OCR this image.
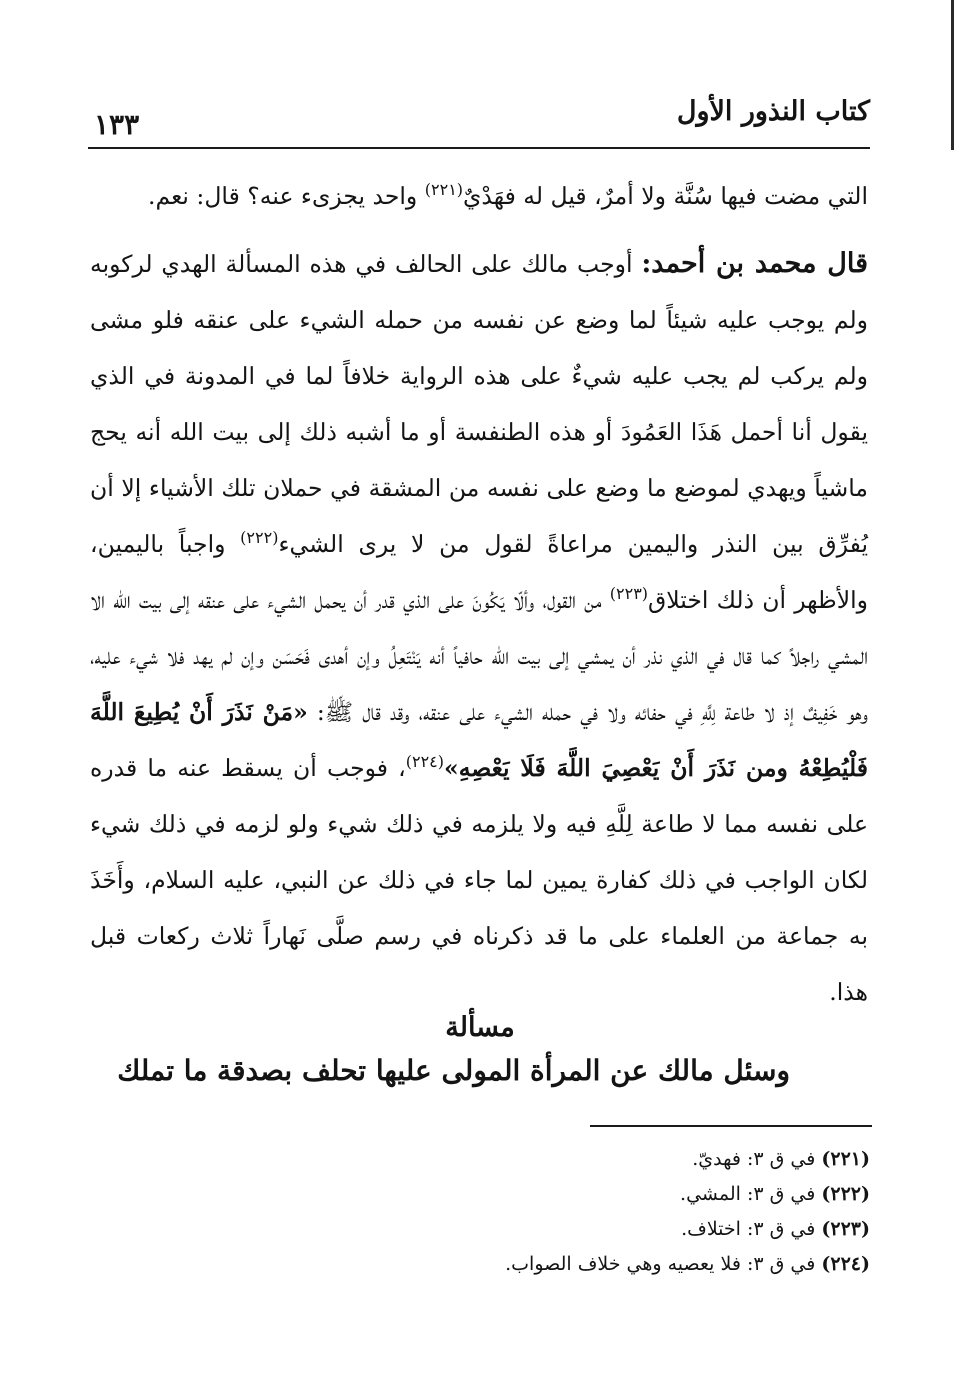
كتاب النذور الأول
١٣٣

التي مضت فيها سُنَّة ولا أمرٌ، قيل له فهَدْيٌ$^{(٢٢١)}$ واحد يجزىء عنه؟ قال: نعم.

قال محمد بن أحمد: أوجب مالك على الحالف في هذه المسألة الهدي لركوبه ولم يوجب عليه شيئاً لما وضع عن نفسه من حمله الشيء على عنقه فلو مشى ولم يركب لم يجب عليه شيءٌ على هذه الرواية خلافاً لما في المدونة في الذي يقول أنا أحمل هَذَا العَمُودَ أو هذه الطنفسة أو ما أشبه ذلك إلى بيت الله أنه يحج ماشياً ويهدي لموضع ما وضع على نفسه من المشقة في حملان تلك الأشياء إلا أن يُفرِّق بين النذر واليمين مراعاةً لقول من لا يرى الشيء$^{(٢٢٢)}$ واجباً باليمين، والأظهر أن ذلك اختلاق$^{(٢٢٣)}$ من القول، وألّا يَكُونَ على الذي قدر أن يحمل الشيء على عنقه إلى بيت الله الا المشي راجلاً كما قال في الذي نذر أن يمشي إلى بيت الله حافياً أنه يَنْتَعِلُ وإن أهدى فَحَسَن وإن لم يهد فلا شيء عليه، وهو خَفِيفٌ إذ لا طاعة لِلَّهِ في حفائه ولا في حمله الشيء على عنقه، وقد قال ﷺ: «مَنْ نَذَرَ أَنْ يُطِيعَ اللَّهَ فَلْيُطِعْهُ ومن نَذَرَ أَنْ يَعْصِيَ اللَّهَ فَلَا يَعْصِهِ»$^{(٢٢٤)}$، فوجب أن يسقط عنه ما قدره على نفسه مما لا طاعة لِلَّهِ فيه ولا يلزمه في ذلك شيء ولو لزمه في ذلك شيء لكان الواجب في ذلك كفارة يمين لما جاء في ذلك عن النبي، عليه السلام، وأَخَذَ به جماعة من العلماء على ما قد ذكرناه في رسم صلَّى نَهاراً ثلاث ركعات قبل هذا.

مسألة
وسئل مالك عن المرأة المولى عليها تحلف بصدقة ما تملك
(٢٢١) في ق ٣: فهديّ.
(٢٢٢) في ق ٣: المشي.
(٢٢٣) في ق ٣: اختلاف.
(٢٢٤) في ق ٣: فلا يعصيه وهي خلاف الصواب.
